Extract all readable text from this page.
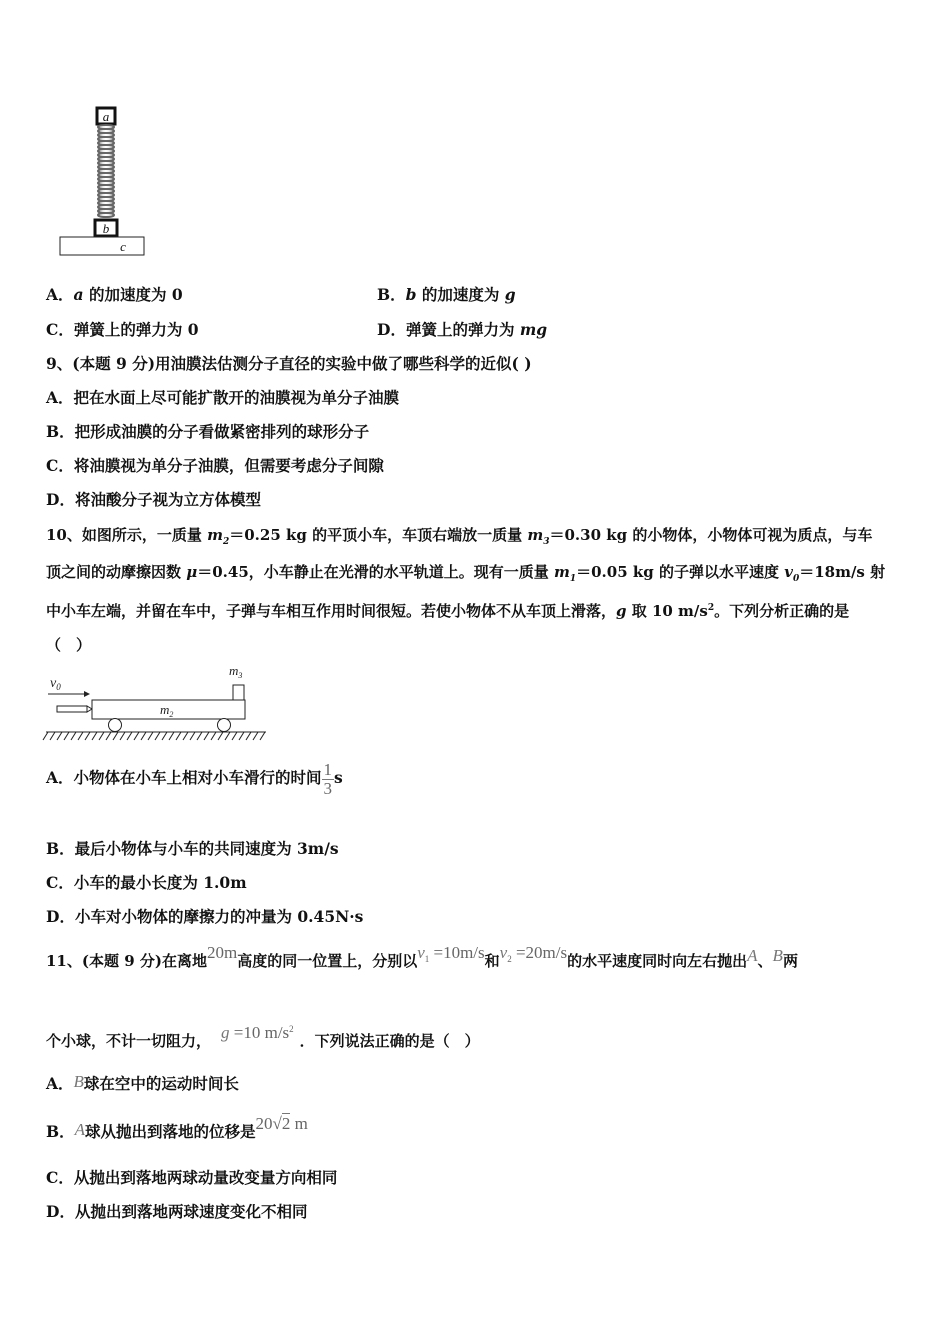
a
b
c
A．a 的加速度为 0	B．b 的加速度为 g
C．弹簧上的弹力为 0	D．弹簧上的弹力为 mg
9、(本题 9 分)用油膜法估测分子直径的实验中做了哪些科学的近似( )
A．把在水面上尽可能扩散开的油膜视为单分子油膜
B．把形成油膜的分子看做紧密排列的球形分子
C．将油膜视为单分子油膜，但需要考虑分子间隙
D．将油酸分子视为立方体模型
10、如图所示，一质量 $m_2=0.25$ kg 的平顶小车，车顶右端放一质量 $m_3=0.30$ kg 的小物体，小物体可视为质点，与车
顶之间的动摩擦因数 μ＝0.45，小车静止在光滑的水平轨道上。现有一质量 $m_1=0.05$ kg 的子弹以水平速度 $v_0=18m/s$ 射
中小车左端，并留在车中，子弹与车相互作用时间很短。若使小物体不从车顶上滑落，g 取 10 $m/s^2$。下列分析正确的是
（　）
$v_0$
$m_2$
$m_3$
A．小物体在小车上相对小车滑行的时间 $\frac{1}{3}$ s
B．最后小物体与小车的共同速度为 3m/s
C．小车的最小长度为 1.0m
D．小车对小物体的摩擦力的冲量为 0.45N·s
11、(本题 9 分)在离地20m高度的同一位置上，分别以$v_1 =10m/s$和$v_2 =20m/s$的水平速度同时向左右抛出A、B两
个小球，不计一切阻力， g =10 $m/s^2$．下列说法正确的是（　）
A．B球在空中的运动时间长
B．A球从抛出到落地的位移是20√2 m
C．从抛出到落地两球动量改变量方向相同
D．从抛出到落地两球速度变化不相同
